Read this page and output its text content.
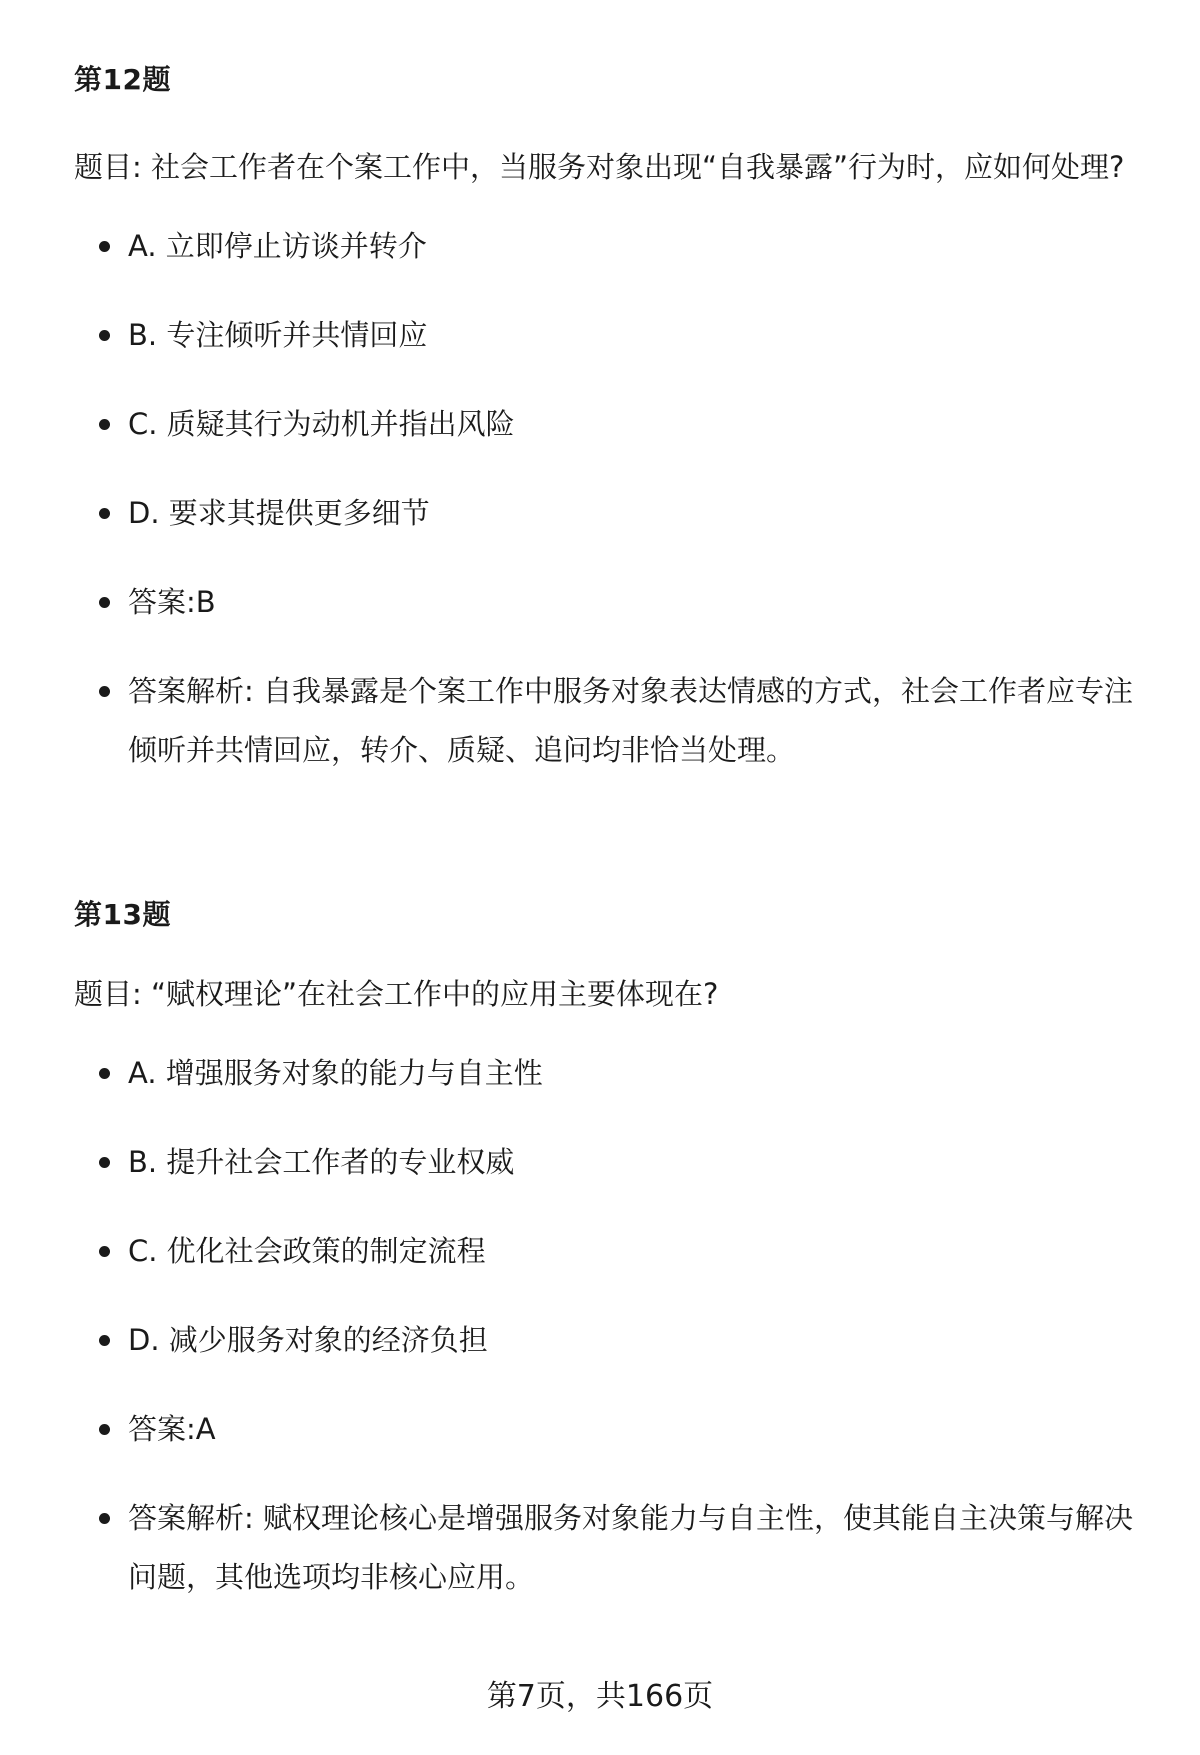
第12题

题目: 社会工作者在个案工作中，当服务对象出现“自我暴露”行为时，应如何处理?

A. 立即停止访谈并转介
B. 专注倾听并共情回应
C. 质疑其行为动机并指出风险
D. 要求其提供更多细节
答案:B
答案解析: 自我暴露是个案工作中服务对象表达情感的方式，社会工作者应专注倾听并共情回应，转介、质疑、追问均非恰当处理。
第13题

题目: “赋权理论”在社会工作中的应用主要体现在?

A. 增强服务对象的能力与自主性
B. 提升社会工作者的专业权威
C. 优化社会政策的制定流程
D. 减少服务对象的经济负担
答案:A
答案解析: 赋权理论核心是增强服务对象能力与自主性，使其能自主决策与解决问题，其他选项均非核心应用。
第7页，共166页
